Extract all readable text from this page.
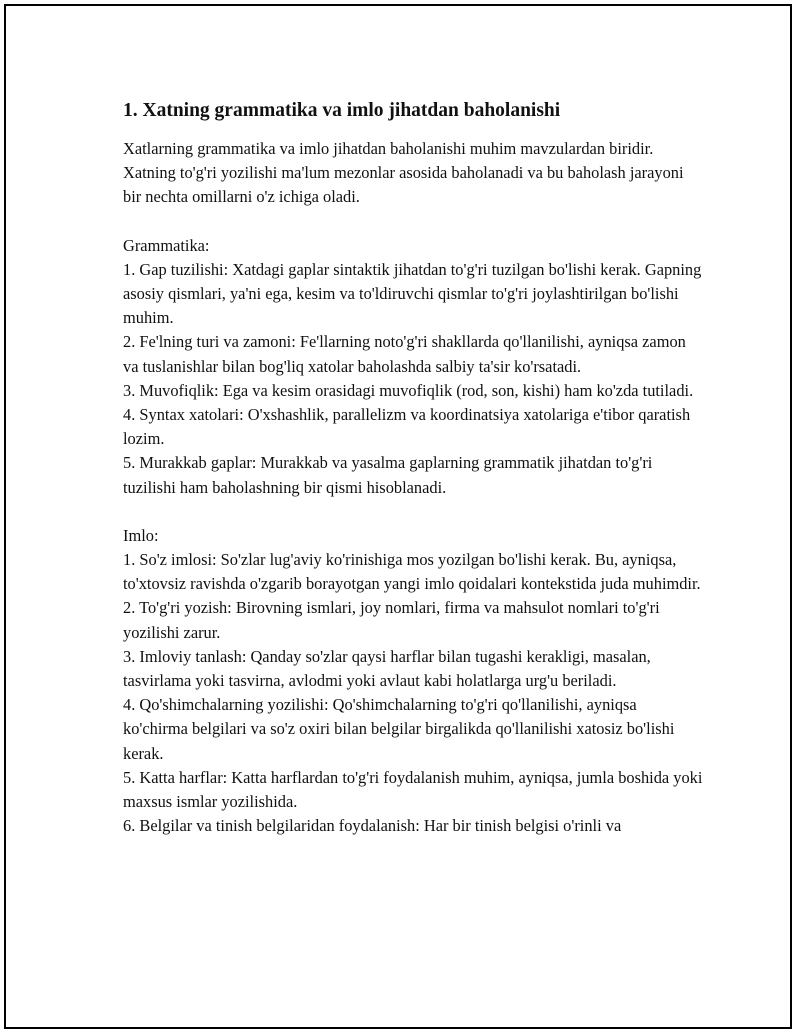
1. Xatning grammatika va imlo jihatdan baholanishi

Xatlarning grammatika va imlo jihatdan baholanishi muhim mavzulardan biridir. Xatning to'g'ri yozilishi ma'lum mezonlar asosida baholanadi va bu baholash jarayoni bir nechta omillarni o'z ichiga oladi.

Grammatika:

1. Gap tuzilishi: Xatdagi gaplar sintaktik jihatdan to'g'ri tuzilgan bo'lishi kerak. Gapning asosiy qismlari, ya'ni ega, kesim va to'ldiruvchi qismlar to'g'ri joylashtirilgan bo'lishi muhim.

2. Fe'lning turi va zamoni: Fe'llarning noto'g'ri shakllarda qo'llanilishi, ayniqsa zamon va tuslanishlar bilan bog'liq xatolar baholashda salbiy ta'sir ko'rsatadi.

3. Muvofiqlik: Ega va kesim orasidagi muvofiqlik (rod, son, kishi) ham ko'zda tutiladi.

4. Syntax xatolari: O'xshashlik, parallelizm va koordinatsiya xatolariga e'tibor qaratish lozim.

5. Murakkab gaplar: Murakkab va yasalma gaplarning grammatik jihatdan to'g'ri tuzilishi ham baholashning bir qismi hisoblanadi.

Imlo:

1. So'z imlosi: So'zlar lug'aviy ko'rinishiga mos yozilgan bo'lishi kerak. Bu, ayniqsa, to'xtovsiz ravishda o'zgarib borayotgan yangi imlo qoidalari kontekstida juda muhimdir.

2. To'g'ri yozish: Birovning ismlari, joy nomlari, firma va mahsulot nomlari to'g'ri yozilishi zarur.

3. Imloviy tanlash: Qanday so'zlar qaysi harflar bilan tugashi kerakligi, masalan, tasvirlama yoki tasvirna, avlodmi yoki avlaut kabi holatlarga urg'u beriladi.

4. Qo'shimchalarning yozilishi: Qo'shimchalarning to'g'ri qo'llanilishi, ayniqsa ko'chirma belgilari va so'z oxiri bilan belgilar birgalikda qo'llanilishi xatosiz bo'lishi kerak.

5. Katta harflar: Katta harflardan to'g'ri foydalanish muhim, ayniqsa, jumla boshida yoki maxsus ismlar yozilishida.

6. Belgilar va tinish belgilaridan foydalanish: Har bir tinish belgisi o'rinli va
